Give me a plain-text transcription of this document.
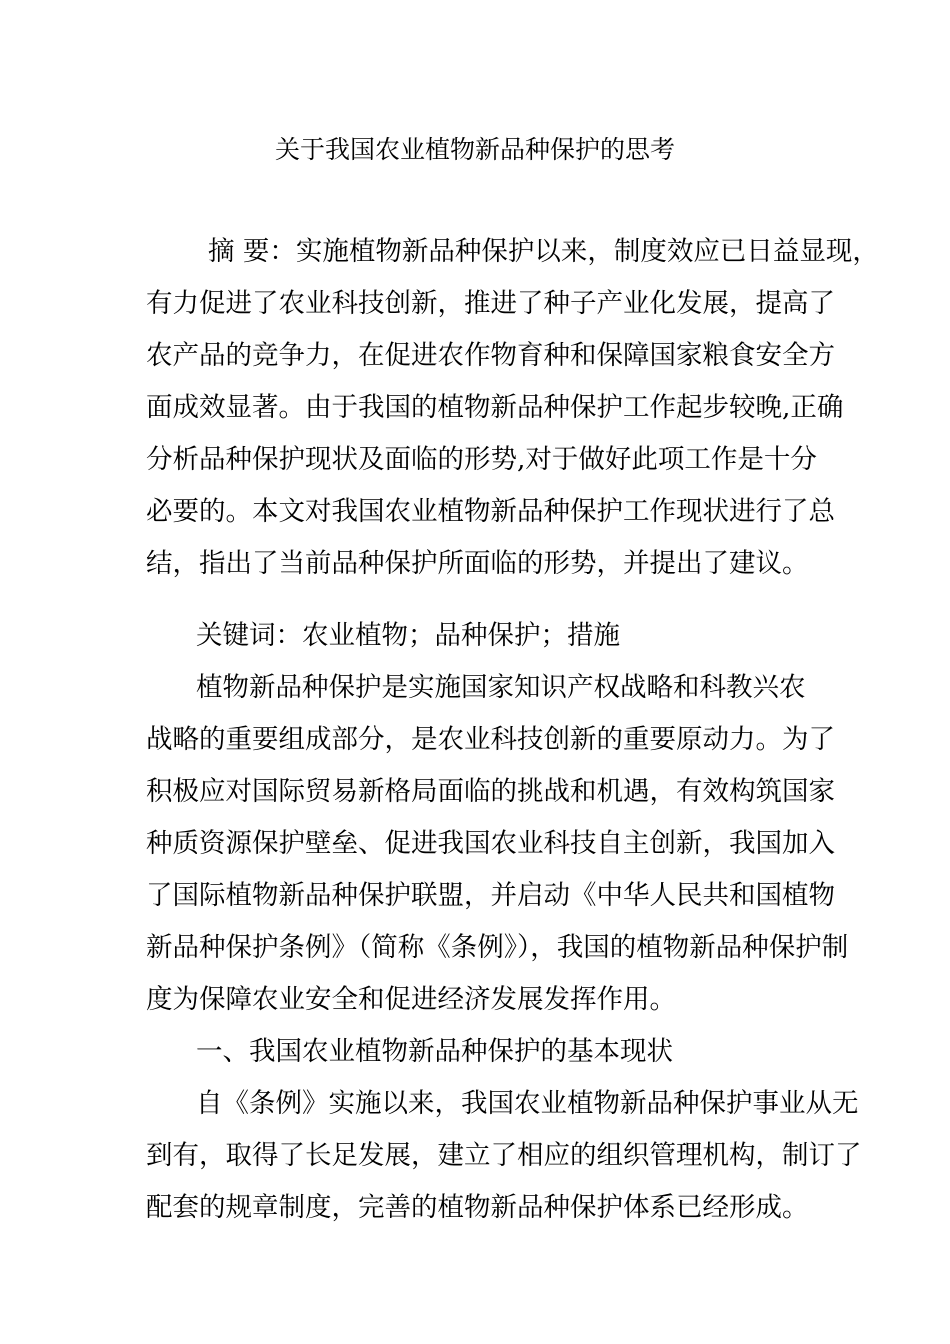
关于我国农业植物新品种保护的思考

摘 要：实施植物新品种保护以来，制度效应已日益显现，

有力促进了农业科技创新，推进了种子产业化发展，提高了

农产品的竞争力，在促进农作物育种和保障国家粮食安全方

面成效显著。由于我国的植物新品种保护工作起步较晚,正确

分析品种保护现状及面临的形势,对于做好此项工作是十分

必要的。本文对我国农业植物新品种保护工作现状进行了总

结，指出了当前品种保护所面临的形势，并提出了建议。

关键词：农业植物；品种保护；措施

植物新品种保护是实施国家知识产权战略和科教兴农

战略的重要组成部分，是农业科技创新的重要原动力。为了

积极应对国际贸易新格局面临的挑战和机遇，有效构筑国家

种质资源保护壁垒、促进我国农业科技自主创新，我国加入

了国际植物新品种保护联盟，并启动《中华人民共和国植物

新品种保护条例》（简称《条例》），我国的植物新品种保护制

度为保障农业安全和促进经济发展发挥作用。

一、我国农业植物新品种保护的基本现状

自《条例》实施以来，我国农业植物新品种保护事业从无

到有，取得了长足发展，建立了相应的组织管理机构，制订了

配套的规章制度，完善的植物新品种保护体系已经形成。
